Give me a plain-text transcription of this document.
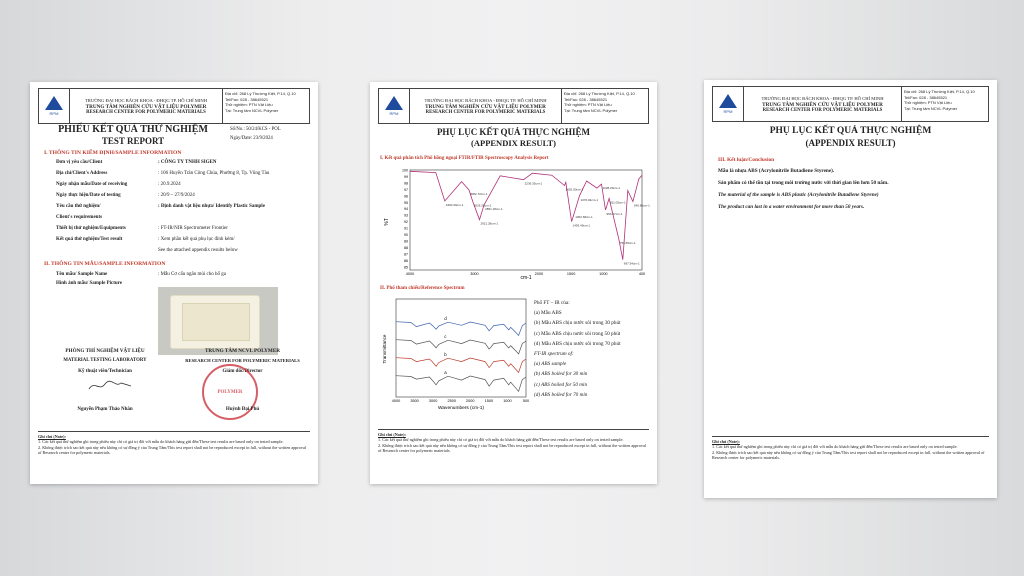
RPM
TRƯỜNG ĐẠI HỌC BÁCH KHOA - ĐHQG TP. HỒ CHÍ MINH
TRUNG TÂM NGHIÊN CỨU VẬT LIỆU POLYMER
RESEARCH CENTER FOR POLYMERIC MATERIALS
Địa chỉ: 268 Lý Thường Kiệt, P.14, Q.10
Tel/Fax: 028 - 38645521
Thử nghiệm: PTN Vật Liệu
Tại: Trung tâm NCVL Polymer
PHIẾU KẾT QUẢ THỬ NGHIỆM
TEST REPORT
Số/No.: 50/24/KCS - POL
Ngày/Date: 23/9/2024
I. THÔNG TIN KIỂM ĐỊNH/SAMPLE INFORMATION
Đơn vị yêu cầu/Client	: CÔNG TY TNHH SIGEN
Địa chỉ/Client's Address	: 106 Huyền Trân Công Chúa, Phường 8, Tp. Vũng Tàu
Ngày nhận mẫu/Date of receiving	: 20.9.2024
Ngày thực hiện/Date of testing	: 20/9 – 27/9/2024
Yêu cầu thử nghiệm/	: Định danh vật liệu nhựa/ Identify Plastic Sample
Client's requirements
Thiết bị thử nghiệm/Equipments	: FT-IR/NIR Spectrometer Frontier
Kết quả thử nghiệm/Test result	: Xem phần kết quả phụ lục đính kèm/
See the attached appendix results below
II. THÔNG TIN MẪU/SAMPLE INFORMATION
Tên mẫu/ Sample Name	: Mẫu Cơ cấu ngăn mùi cho hố ga
Hình ảnh mẫu/ Sample Picture
PHÒNG THÍ NGHIỆM VẬT LIỆU
MATERIAL TESTING LABORATORY
Kỹ thuật viên/Technician
Nguyễn Phạm Thảo Nhân
TRUNG TÂM NCVL POLYMER
RESEARCH CENTER FOR POLYMERIC MATERIALS
Giám đốc/Director
POLYMER
Huỳnh Đại Phú
Ghi chú (Note):
1. Các kết quả thử nghiệm ghi trong phiếu này chỉ có giá trị đối với mẫu do khách hàng gửi đến/These test results are based only on tested sample.
2. Không được trích sao kết quả này nếu không có sự đồng ý của Trung Tâm/This test report shall not be reproduced except in full, without the written approval of Research center for polymeric materials.
RPM
TRƯỜNG ĐẠI HỌC BÁCH KHOA - ĐHQG TP. HỒ CHÍ MINH
TRUNG TÂM NGHIÊN CỨU VẬT LIỆU POLYMER
RESEARCH CENTER FOR POLYMERIC MATERIALS
Địa chỉ: 268 Lý Thường Kiệt, P.14, Q.10
Tel/Fax: 028 - 38645521
Thử nghiệm: PTN Vật Liệu
Tại: Trung tâm NCVL Polymer
PHỤ LỤC KẾT QUẢ THỰC NGHIỆM
(APPENDIX RESULT)
I. Kết quả phân tích Phổ hồng ngoại FTIR/FTIR Spectroscopy Analysis Report
100
99
98
97
96
95
94
93
92
91
90
89
88
87
86
85
4000	3000	2000	1500	1000	400
%T
cm-1
3460.39cm-1
3082.72cm-1
3026.25cm-1
2921.28cm-1
2851.18cm-1
2236.35cm-1
1602.00cm-1
1493.49cm-1
1452.68cm-1
1370.94cm-1
1028.29cm-1
966.07cm-1
911.05cm-1
759.65cm-1
697.54cm-1
540.80cm-1
II. Phổ tham chiếu/Reference Spectrum
4000	3500	3000	2500	2000	1500	1000	500
Transmittance
Wavenumbers (cm-1)
a
b
c
d
Phổ FT – IR của:
(a) Mẫu ABS
(b) Mẫu ABS chịu nước sôi trong 30 phút
(c) Mẫu ABS chịu nước sôi trong 50 phút
(d) Mẫu ABS chịu nước sôi trong 70 phút
FT-IR spectrum of:
(a) ABS sample
(b) ABS boiled for 30 min
(c) ABS boiled for 50 min
(d) ABS boiled for 70 min
Ghi chú (Note):
1. Các kết quả thử nghiệm ghi trong phiếu này chỉ có giá trị đối với mẫu do khách hàng gửi đến/These test results are based only on tested sample.
2. Không được trích sao kết quả này nếu không có sự đồng ý của Trung Tâm/This test report shall not be reproduced except in full, without the written approval of Research center for polymeric materials.
RPM
TRƯỜNG ĐẠI HỌC BÁCH KHOA - ĐHQG TP. HỒ CHÍ MINH
TRUNG TÂM NGHIÊN CỨU VẬT LIỆU POLYMER
RESEARCH CENTER FOR POLYMERIC MATERIALS
Địa chỉ: 268 Lý Thường Kiệt, P.14, Q.10
Tel/Fax: 028 - 38645521
Thử nghiệm: PTN Vật Liệu
Tại: Trung tâm NCVL Polymer
PHỤ LỤC KẾT QUẢ THỰC NGHIỆM
(APPENDIX RESULT)
III. Kết luận/Conclusion
Mẫu là nhựa ABS (Acrylonitrile Butadiene Styrene).
Sản phẩm có thể tồn tại trong môi trường nước với thời gian lên hơn 50 năm.
The material of the sample is ABS plastic (Acrylonitrile Butadiene Styrene)
The product can last in a water environment for more than 50 years.
Ghi chú (Note):
1. Các kết quả thử nghiệm ghi trong phiếu này chỉ có giá trị đối với mẫu do khách hàng gửi đến/These test results are based only on tested sample.
2. Không được trích sao kết quả này nếu không có sự đồng ý của Trung Tâm/This test report shall not be reproduced except in full, without the written approval of Research center for polymeric materials.
